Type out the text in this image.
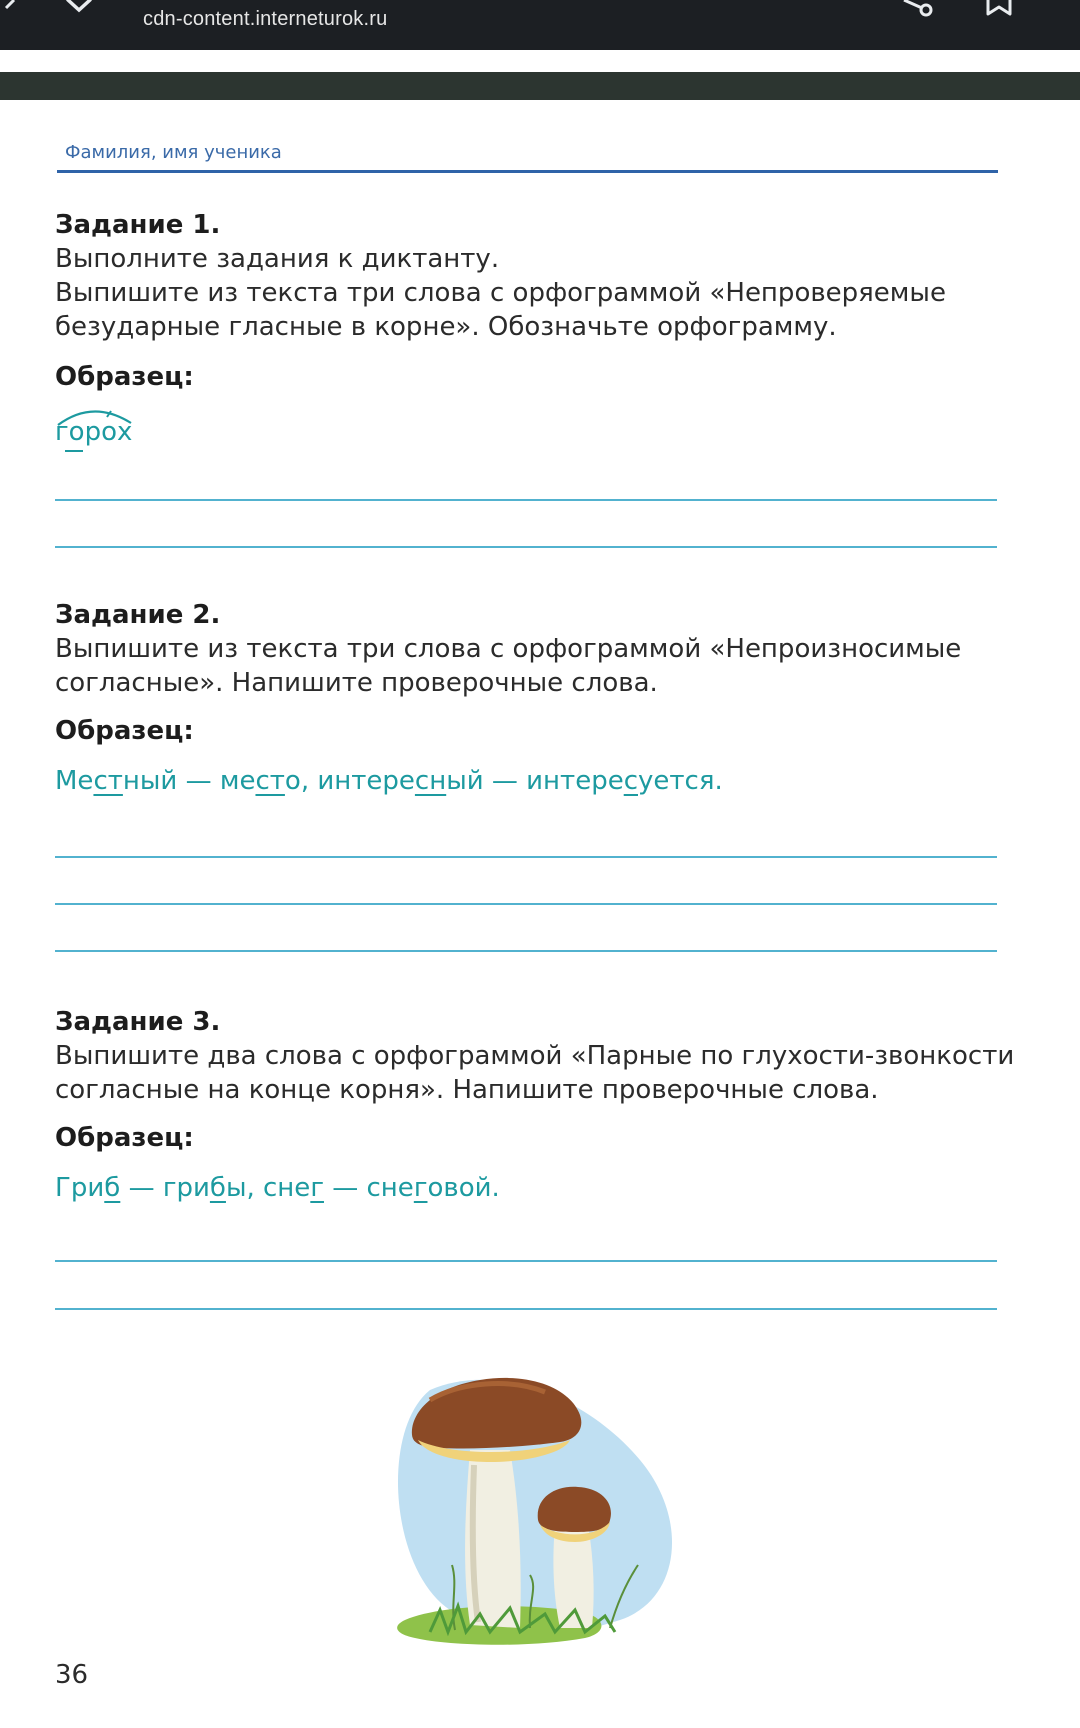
cdn-content.interneturok.ru
Фамилия, имя ученика
Задание 1.
Выполните задания к диктанту.
Выпишите из текста три слова с орфограммой «Непроверяемые
безударные гласные в корне». Обозначьте орфограмму.
Образец:
горох
Задание 2.
Выпишите из текста три слова с орфограммой «Непроизносимые
согласные». Напишите проверочные слова.
Образец:
Местный — место, интересный — интересуется.
Задание 3.
Выпишите два слова с орфограммой «Парные по глухости-звонкости
согласные на конце корня». Напишите проверочные слова.
Образец:
Гриб — грибы, снег — снеговой.
36
